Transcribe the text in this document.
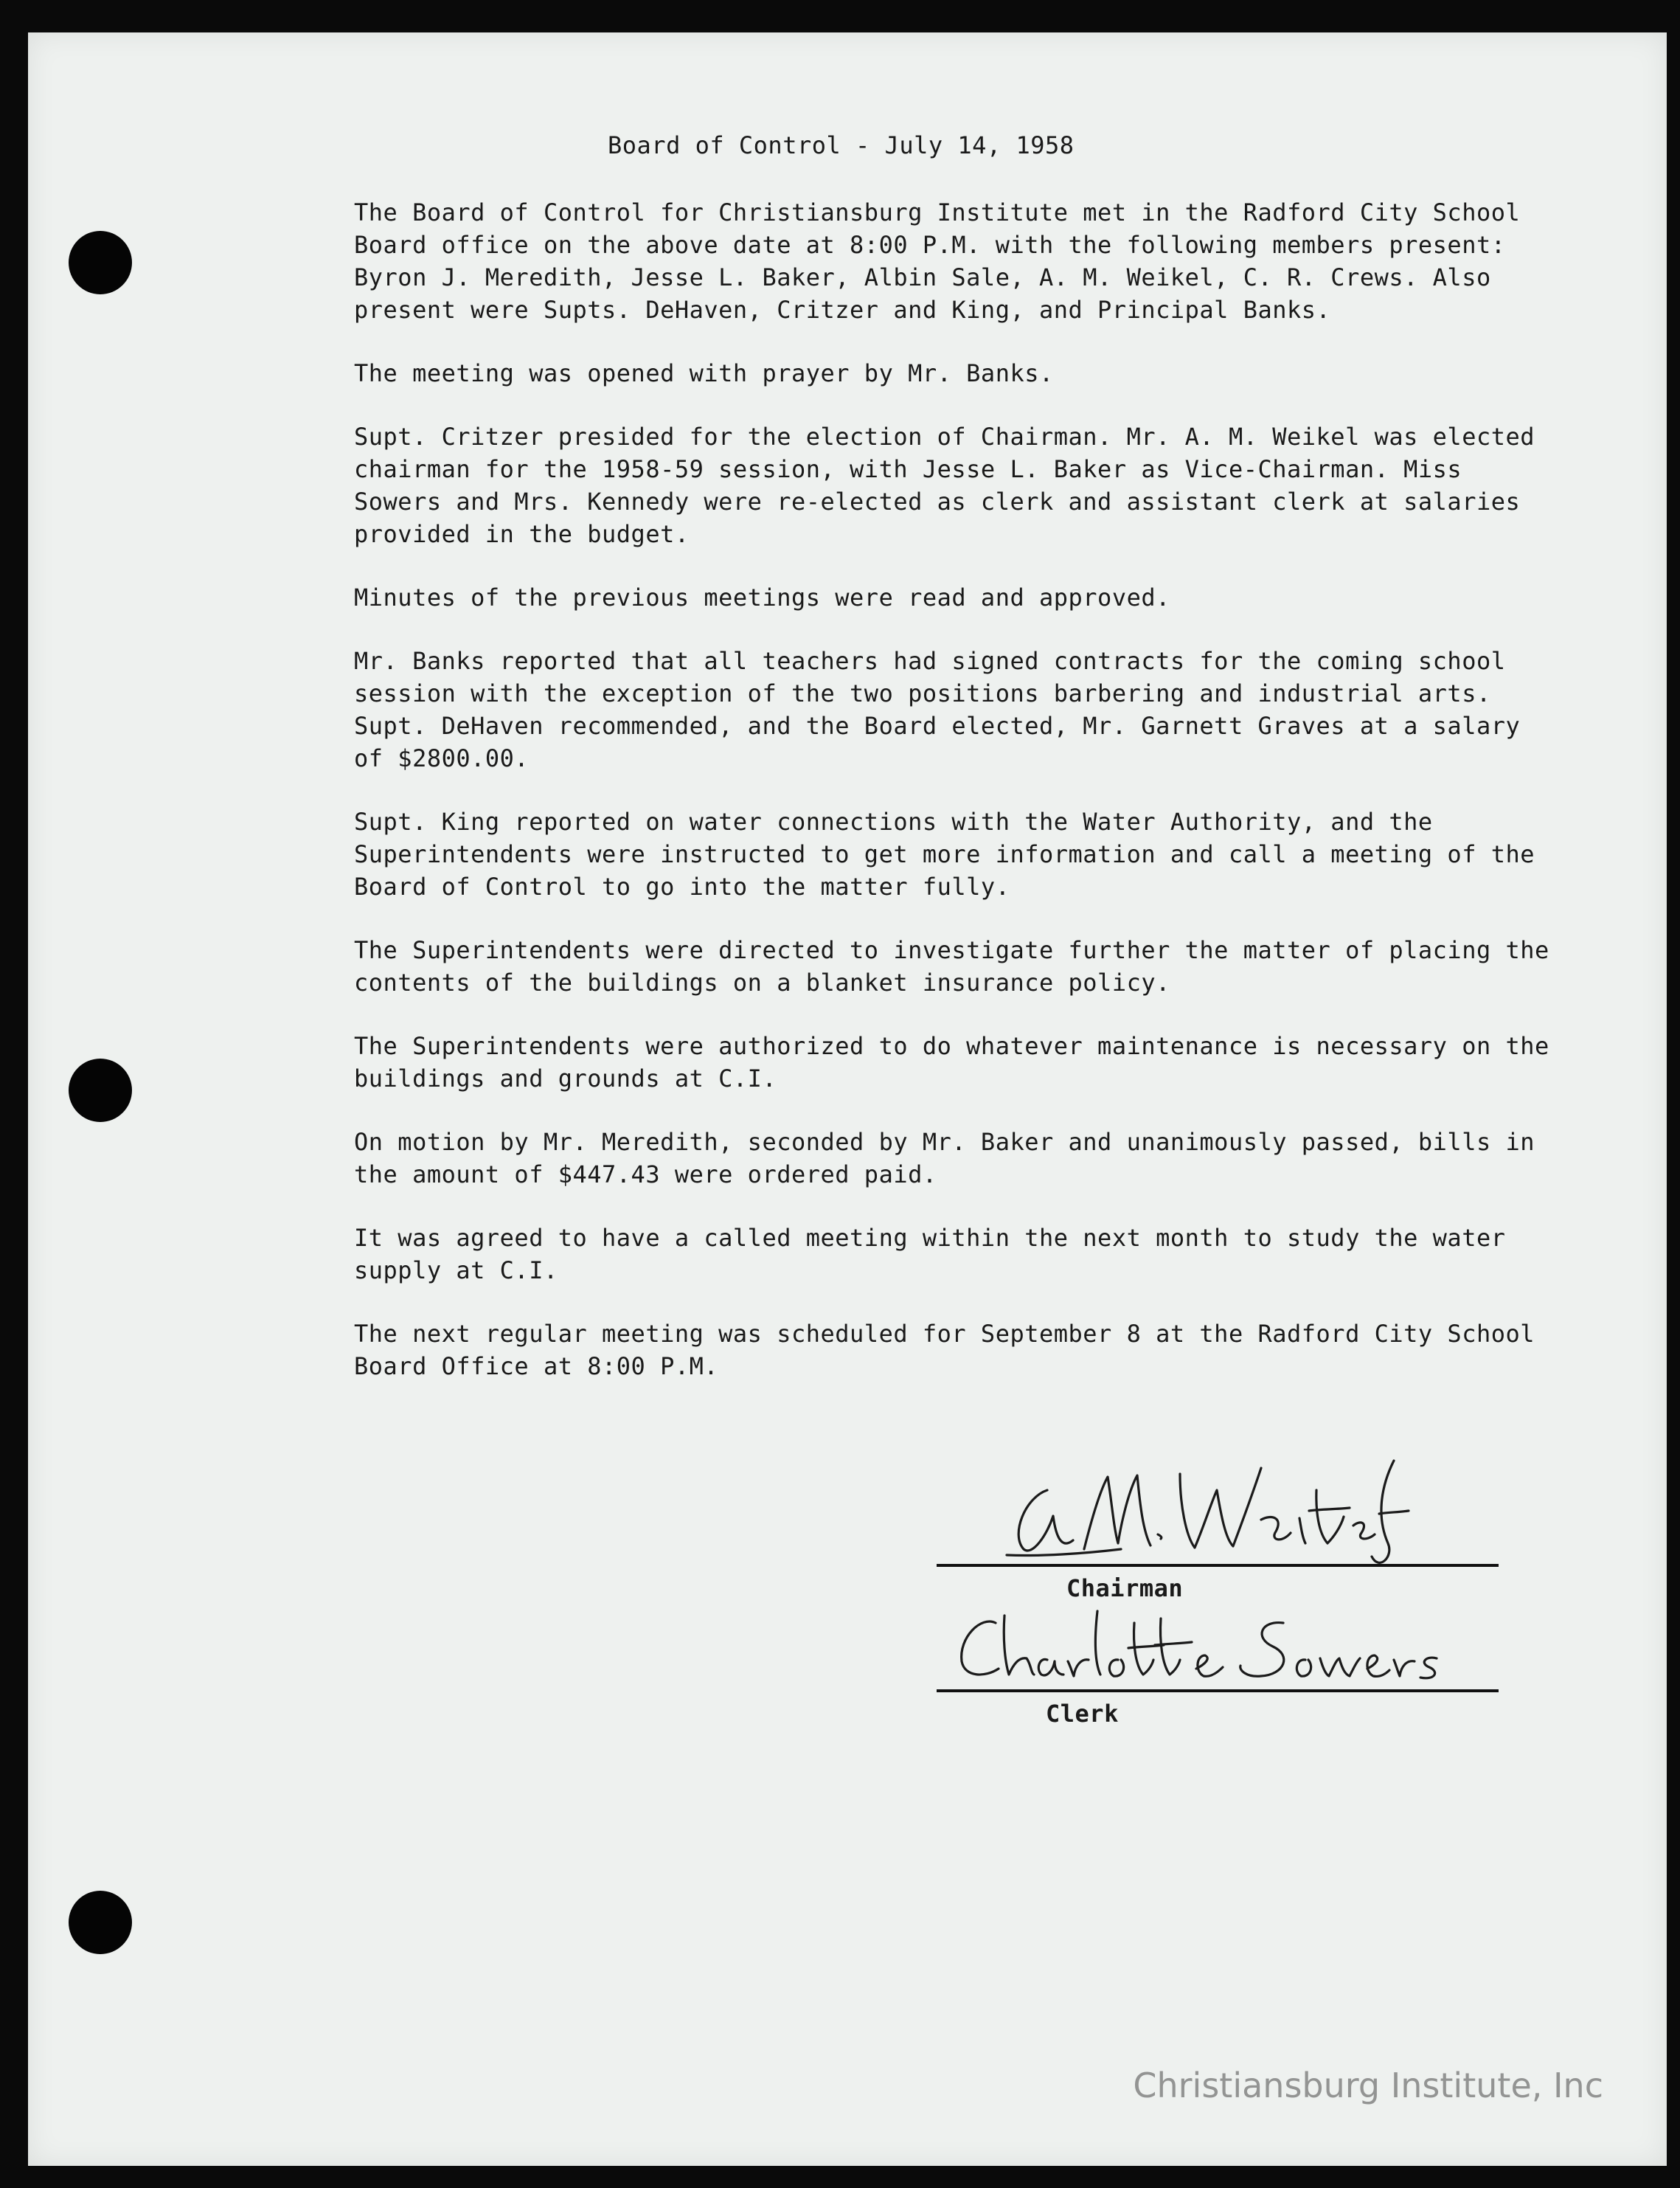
Board of Control - July 14, 1958

The Board of Control for Christiansburg Institute met in the Radford City School Board office on the above date at 8:00 P.M. with the following members present: Byron J. Meredith, Jesse L. Baker, Albin Sale, A. M. Weikel, C. R. Crews. Also present were Supts. DeHaven, Critzer and King, and Principal Banks.

The meeting was opened with prayer by Mr. Banks.

Supt. Critzer presided for the election of Chairman. Mr. A. M. Weikel was elected chairman for the 1958-59 session, with Jesse L. Baker as Vice-Chairman. Miss Sowers and Mrs. Kennedy were re-elected as clerk and assistant clerk at salaries provided in the budget.

Minutes of the previous meetings were read and approved.

Mr. Banks reported that all teachers had signed contracts for the coming school session with the exception of the two positions barbering and industrial arts. Supt. DeHaven recommended, and the Board elected, Mr. Garnett Graves at a salary of $2800.00.

Supt. King reported on water connections with the Water Authority, and the Superintendents were instructed to get more information and call a meeting of the Board of Control to go into the matter fully.

The Superintendents were directed to investigate further the matter of placing the contents of the buildings on a blanket insurance policy.

The Superintendents were authorized to do whatever maintenance is necessary on the buildings and grounds at C.I.

On motion by Mr. Meredith, seconded by Mr. Baker and unanimously passed, bills in the amount of $447.43 were ordered paid.

It was agreed to have a called meeting within the next month to study the water supply at C.I.

The next regular meeting was scheduled for September 8 at the Radford City School Board Office at 8:00 P.M.

Chairman
Clerk
Christiansburg Institute, Inc
